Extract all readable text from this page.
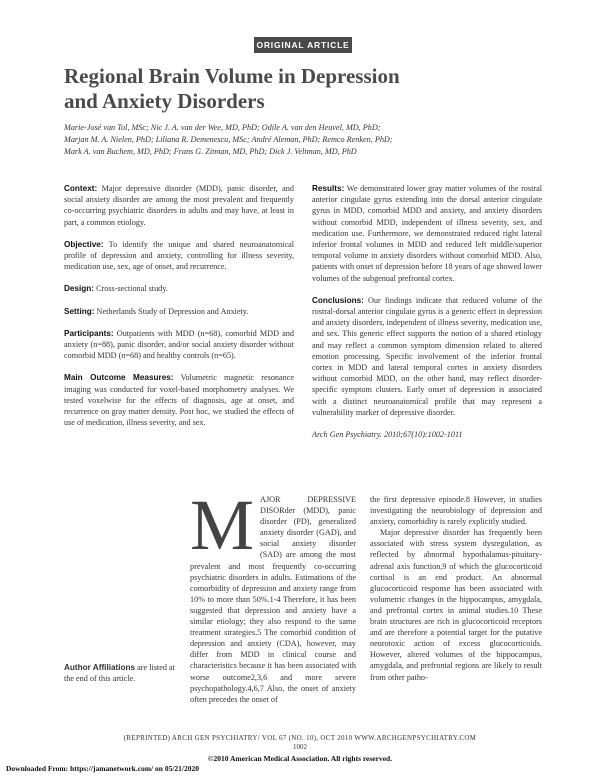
ORIGINAL ARTICLE
Regional Brain Volume in Depression
and Anxiety Disorders
Marie-José van Tol, MSc; Nic J. A. van der Wee, MD, PhD; Odile A. van den Heuvel, MD, PhD;
Marjan M. A. Nielen, PhD; Liliana R. Demenescu, MSc; André Aleman, PhD; Remco Renken, PhD;
Mark A. van Buchem, MD, PhD; Frans G. Zitman, MD, PhD; Dick J. Veltman, MD, PhD

Context: Major depressive disorder (MDD), panic disorder, and social anxiety disorder are among the most prevalent and frequently co-occurring psychiatric disorders in adults and may have, at least in part, a common etiology.

Objective: To identify the unique and shared neuroanatomical profile of depression and anxiety, controlling for illness severity, medication use, sex, age of onset, and recurrence.

Design: Cross-sectional study.

Setting: Netherlands Study of Depression and Anxiety.

Participants: Outpatients with MDD (n=68), comorbid MDD and anxiety (n=88), panic disorder, and/or social anxiety disorder without comorbid MDD (n=68) and healthy controls (n=65).

Main Outcome Measures: Volumetric magnetic resonance imaging was conducted for voxel-based morphometry analyses. We tested voxelwise for the effects of diagnosis, age at onset, and recurrence on gray matter density. Post hoc, we studied the effects of use of medication, illness severity, and sex.

Results: We demonstrated lower gray matter volumes of the rostral anterior cingulate gyrus extending into the dorsal anterior cingulate gyrus in MDD, comorbid MDD and anxiety, and anxiety disorders without comorbid MDD, independent of illness severity, sex, and medication use. Furthermore, we demonstrated reduced right lateral inferior frontal volumes in MDD and reduced left middle/superior temporal volume in anxiety disorders without comorbid MDD. Also, patients with onset of depression before 18 years of age showed lower volumes of the subgenual prefrontal cortex.

Conclusions: Our findings indicate that reduced volume of the rostral-dorsal anterior cingulate gyrus is a generic effect in depression and anxiety disorders, independent of illness severity, medication use, and sex. This generic effect supports the notion of a shared etiology and may reflect a common symptom dimension related to altered emotion processing. Specific involvement of the inferior frontal cortex in MDD and lateral temporal cortex in anxiety disorders without comorbid MDD, on the other hand, may reflect disorder-specific symptom clusters. Early onset of depression is associated with a distinct neuroanatomical profile that may represent a vulnerability marker of depressive disorder.

Arch Gen Psychiatry. 2010;67(10):1002-1011

M AJOR DEPRESSIVE DISORder (MDD), panic disorder (PD), generalized anxiety disorder (GAD), and social anxiety disorder (SAD) are among the most prevalent and most frequently co-occurring psychiatric disorders in adults. Estimations of the comorbidity of depression and anxiety range from 10% to more than 50%.1-4 Therefore, it has been suggested that depression and anxiety have a similar etiology; they also respond to the same treatment strategies.5 The comorbid condition of depression and anxiety (CDA), however, may differ from MDD in clinical course and characteristics because it has been associated with worse outcome2,3,6 and more severe psychopathology.4,6,7 Also, the onset of anxiety often precedes the onset of

the first depressive episode.8 However, in studies investigating the neurobiology of depression and anxiety, comorbidity is rarely explicitly studied.

Major depressive disorder has frequently been associated with stress system dysregulation, as reflected by abnormal hypothalamus-pituitary-adrenal axis function,9 of which the glucocorticoid cortisol is an end product. An abnormal glucocorticoid response has been associated with volumetric changes in the hippocampus, amygdala, and prefrontal cortex in animal studies.10 These brain structures are rich in glucocorticoid receptors and are therefore a potential target for the putative neurotoxic action of excess glucocorticoids. However, altered volumes of the hippocampus, amygdala, and prefrontal regions are likely to result from other patho-

Author Affiliations are listed at the end of this article.
(REPRINTED) ARCH GEN PSYCHIATRY/ VOL 67 (NO. 10), OCT 2010 WWW.ARCHGENPSYCHIATRY.COM
1002
©2010 American Medical Association. All rights reserved.
Downloaded From: https://jamanetwork.com/ on 05/21/2020
